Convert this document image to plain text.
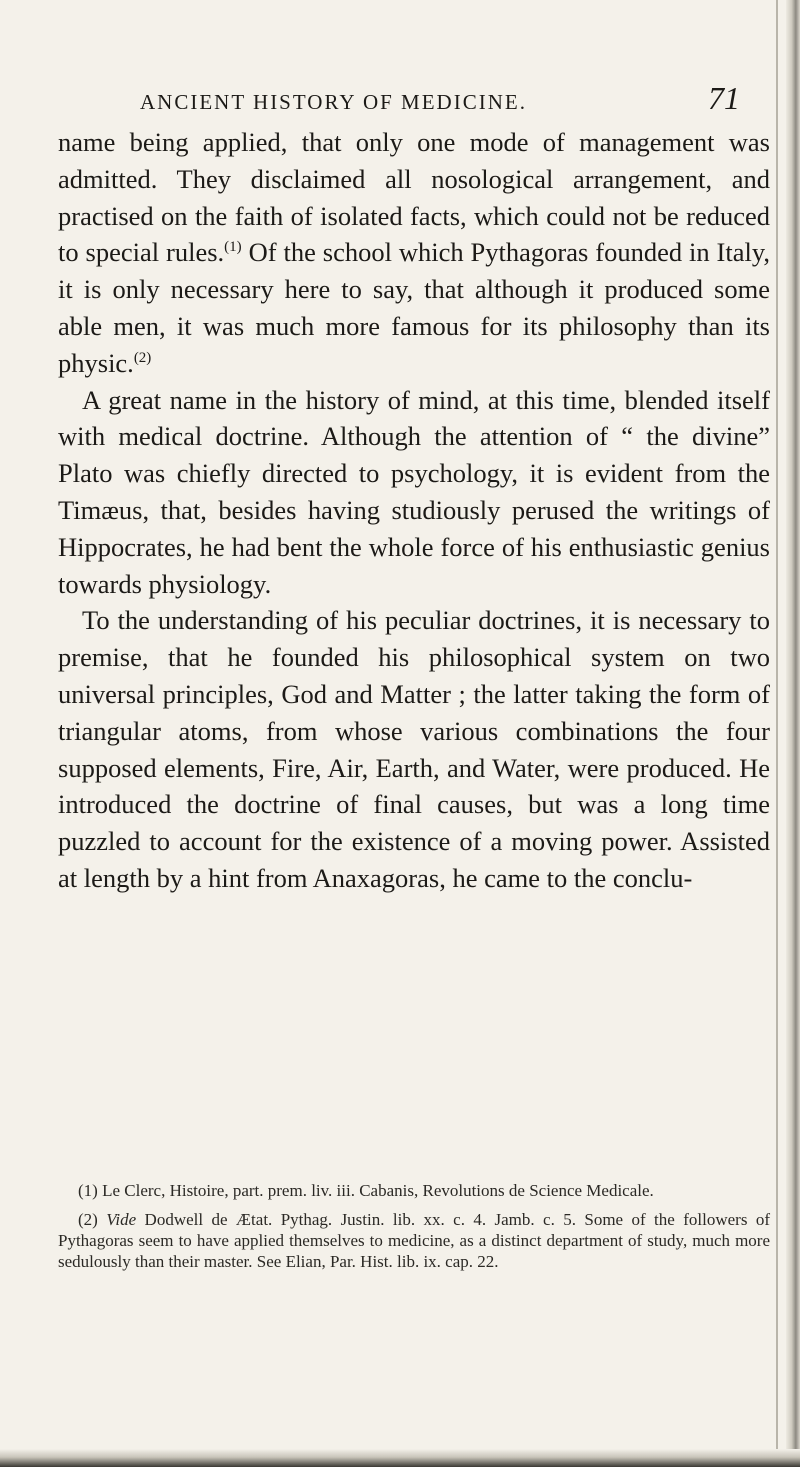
ANCIENT HISTORY OF MEDICINE.	71

name being applied, that only one mode of management was admitted. They disclaimed all nosological arrangement, and practised on the faith of isolated facts, which could not be reduced to special rules.$^{(1)}$ Of the school which Pythagoras founded in Italy, it is only necessary here to say, that although it produced some able men, it was much more famous for its philosophy than its physic.$^{(2)}$

A great name in the history of mind, at this time, blended itself with medical doctrine. Although the attention of “ the divine” Plato was chiefly directed to psychology, it is evident from the Timæus, that, besides having studiously perused the writings of Hippocrates, he had bent the whole force of his enthusiastic genius towards physiology.

To the understanding of his peculiar doctrines, it is necessary to premise, that he founded his philosophical system on two universal principles, God and Matter ; the latter taking the form of triangular atoms, from whose various combinations the four supposed elements, Fire, Air, Earth, and Water, were produced. He introduced the doctrine of final causes, but was a long time puzzled to account for the existence of a moving power. Assisted at length by a hint from Anaxagoras, he came to the conclu-

(1) Le Clerc, Histoire, part. prem. liv. iii. Cabanis, Revolutions de Science Medicale.

(2) Vide Dodwell de Ætat. Pythag. Justin. lib. xx. c. 4. Jamb. c. 5. Some of the followers of Pythagoras seem to have applied themselves to medicine, as a distinct department of study, much more sedulously than their master. See Elian, Par. Hist. lib. ix. cap. 22.
